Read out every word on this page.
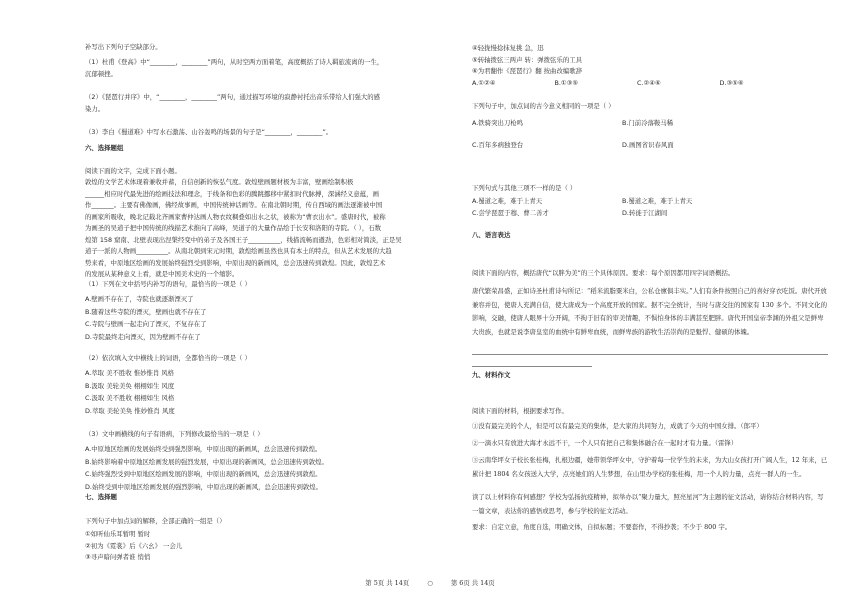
补写出下列句子空缺部分。
（1）杜甫《登高》中“________，________”两句，从时空两方面着笔，高度概括了诗人羁旅流离的一生，
沉郁顿挫。
（2）《琵琶行并序》中，“________，________”两句，通过描写环境的寂静衬托出音乐带给人们强大的感
染力。
（3）李白《蜀道难》中写水石激荡、山谷轰鸣的场景的句子是“________，________”。
六、选择题组
阅读下面的文字，完成下面小题。
敦煌的文学艺术体现着兼收并蓄，自信创新的恢弘气度。敦煌壁画题材极为丰富，壁画绘制积极
______相应时代最先进的绘画技法和理念，于线条和色彩的腾跳挪移中紧扣时代脉搏，深涵经义意蕴，画
作_______。主要有佛像画，佛经故事画，中国传统神话画等。在南北朝时期，传自西域的画法逐渐被中国
的画家所吸收，晚北记载北齐画家曹仲达画人物衣纹稠叠如出水之状，被称为“曹衣出水”。盛唐时代，被称
为画圣的吴道子把中国传统的线描艺术推向了高峰，吴道子的大量作品绘于长安和洛阳的寺院。（ ），石数
煌第 158 窟南、北壁表现出涅槃经变中的弟子及各国王子__________，线描流畅而遒劲，色彩相对简淡，正是吴
道子一派的人物画__________。从南北朝到宋元时期，敦煌绘画虽然也具有本土的特点，但从艺术发展的大趋
势来看，中原地区绘画的发展始终强烈受到影响，中原出现的新画风，总会迅速传到敦煌。因此，敦煌艺术
的发展从某种意义上看，就是中国美术史的一个缩影。
（1）下列在文中括号内补写的语句，最恰当的一项是（ ）
A.壁画不存在了，寺院也就逐渐湮灭了
B.随着这些寺院的湮灭，壁画也就不存在了
C.寺院与壁画一起走向了湮灭，不复存在了
D.寺院最终走向湮灭，因为壁画不存在了
（2）依次填入文中横线上的词语，全都恰当的一项是（ ）
A.萃取 美不胜收 惟妙惟肖 风格
B.汲取 美轮美奂 栩栩如生 风度
C.汲取 美不胜收 栩栩如生 风格
D.萃取 美轮美奂 惟妙惟肖 风度
（3）文中画横线的句子有语病，下列修改最恰当的一项是（ ）
A.中原地区绘画的发展始终受到强烈影响，中原出现的新画风，总会迅速传到敦煌。
B.始终影响着中原地区绘画发展的强烈发展，中原出现的新画风，总会迅速传到敦煌。
C.始终强烈受到中原地区绘画发展的影响，中原出现的新画风，总会迅速传到敦煌。
D.始终受到中原地区绘画发展的强烈影响，中原出现的新画风，总会迅速传到敦煌。
七、选择题
下列句子中加点词的解释，全部正确的一组是（）
①如听仙乐耳暂明 暂时
②初为《霓裳》后《六幺》 一会儿
③寻声暗问弹者谁 悄悄
④轻拢慢捻抹复挑 急，迅
⑤转轴拨弦三两声 转：弹拨弦乐的工具
⑥为君翻作《琵琶行》翻 按曲改编歌辞
A.①②④	B.①③⑤	C.②④⑥	D.③⑤⑥
下列句子中，加点词的古今意义相同的一项是（ ）
A.铁骑突出刀枪鸣	B.门前冷落鞍马稀
C.百年多病独登台	D.画图省识春风面
下列句式与其他三项不一样的是（ ）
A.蜀道之难，难于上青天	B.蜀道之难，难于上青天
C.尝学琵琶于穆、曹二善才	D.转徙于江湖间
八、语言表达
阅读下面的内容，概括唐代“以胖为美”的三个具体原因。要求：每个原因都用四字词语概括。
唐代繁荣昌盛，正如诗圣杜甫诗句所记：“稻米流脂粟米白，公私仓廪俱丰实。”人们有条件按照自己的喜好穿衣吃饭。唐代开放兼容并包，使唐人充满自信，使大唐成为一个高度开放的国家。据不完全统计，当时与唐交往的国家有 130 多个。不同文化的影响，交融，使唐人眼界十分开阔，不拘于旧有的审美情趣，不惧怕身体的丰满甚至肥胖。唐代开国皇帝李渊的外祖父是鲜卑大贵族，也就是说李唐皇室的血统中有鲜卑血统，而鲜卑族的游牧生活崇尚的是魁悍、健硕的体魄。
九、材料作文
阅读下面的材料，根据要求写作。
①没有最完美的个人，但是可以有最完美的集体，是大家的共同努力，成就了今天的中国女排。（郎平）
②一滴水只有放进大海才永远不干，一个人只有把自己和集体融合在一起时才有力量。（雷锋）
③云南华坪女子校长张桂梅，扎根边疆，她带领华坪女中，守护着每一位学生的未来，为大山女孩打开广阔人生，12 年来，已累计把 1804 名女孩送入大学，点亮她们的人生梦想，在山里办学校的张桂梅，用一个人的力量，点亮一群人的一生。
读了以上材料你有何感想？学校为弘扬抗疫精神，拟举办以“聚力量大，照亮星河”为主题的征文活动，请你结合材料内容，写一篇文章，表达你的感悟或思考，参与学校的征文活动。
要求：自定立意，角度自选，明确文体，自拟标题；不要套作，不得抄袭；不少于 800 字。
第 5页 共 14页	○	第 6页 共 14页
